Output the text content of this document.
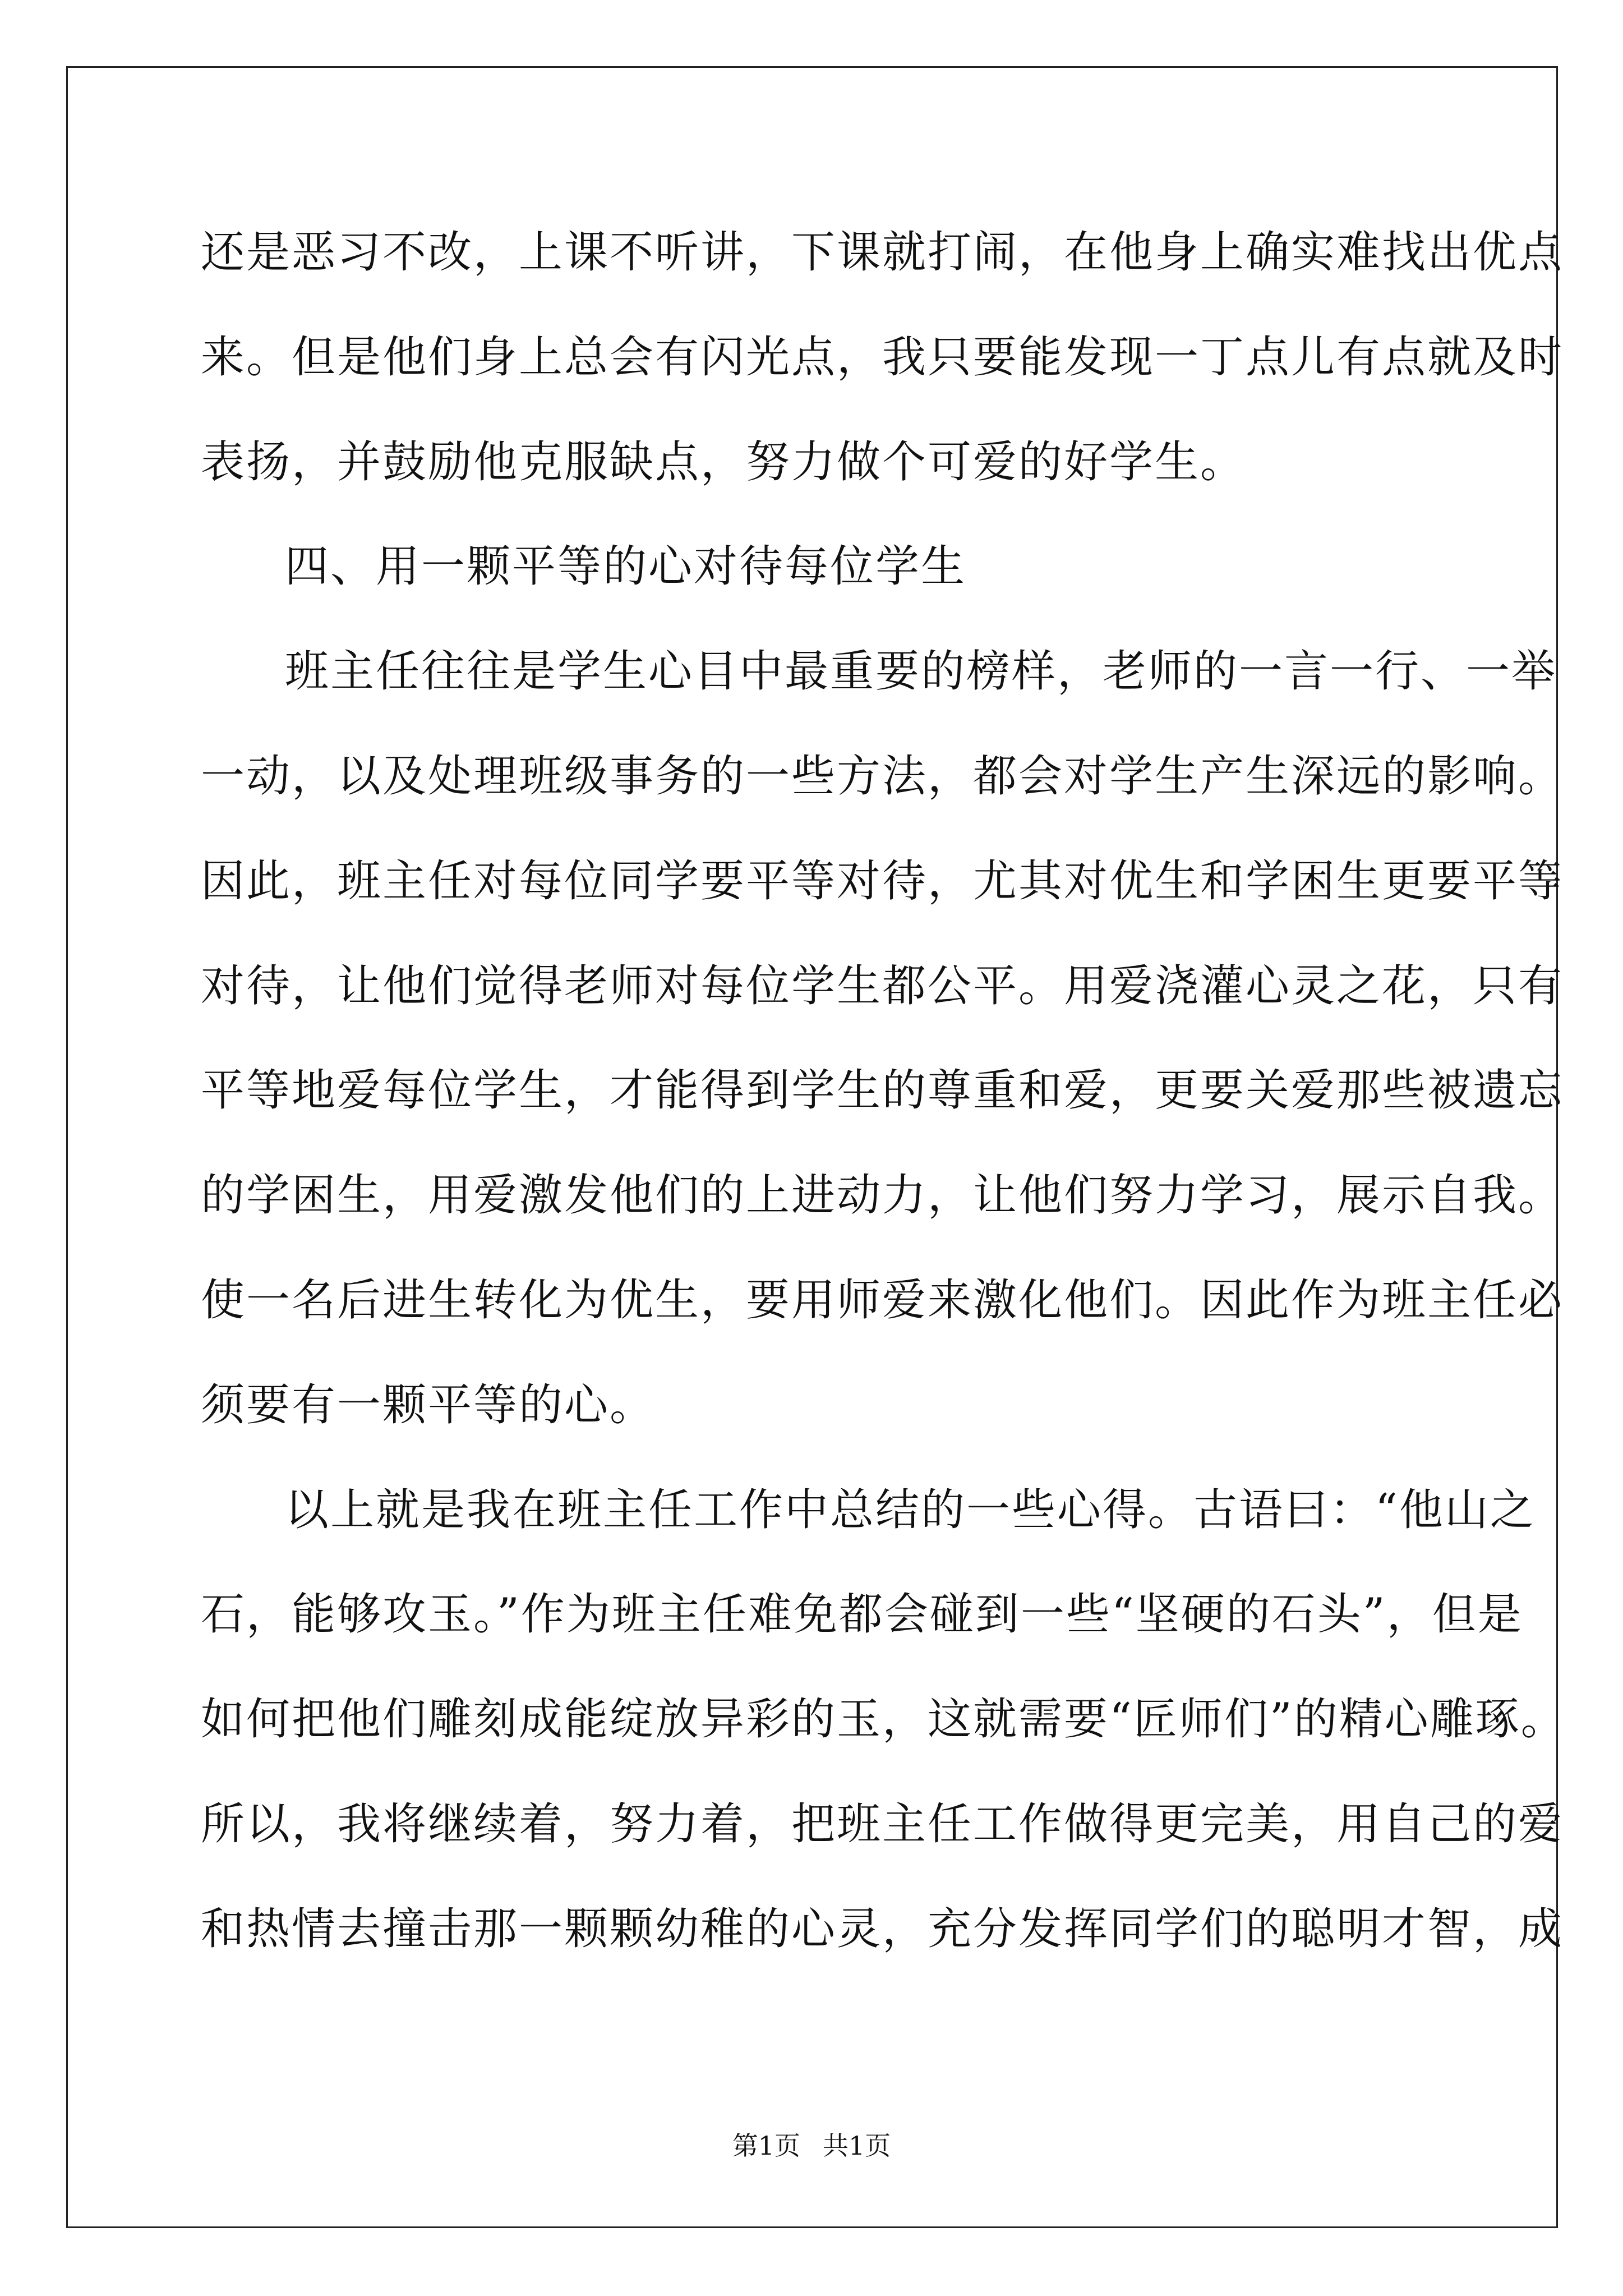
还是恶习不改，上课不听讲，下课就打闹，在他身上确实难找出优点
来。但是他们身上总会有闪光点，我只要能发现一丁点儿有点就及时
表扬，并鼓励他克服缺点，努力做个可爱的好学生。
四、用一颗平等的心对待每位学生
班主任往往是学生心目中最重要的榜样，老师的一言一行、一举
一动，以及处理班级事务的一些方法，都会对学生产生深远的影响。
因此，班主任对每位同学要平等对待，尤其对优生和学困生更要平等
对待，让他们觉得老师对每位学生都公平。用爱浇灌心灵之花，只有
平等地爱每位学生，才能得到学生的尊重和爱，更要关爱那些被遗忘
的学困生，用爱激发他们的上进动力，让他们努力学习，展示自我。
使一名后进生转化为优生，要用师爱来激化他们。因此作为班主任必
须要有一颗平等的心。
以上就是我在班主任工作中总结的一些心得。古语曰：“他山之
石，能够攻玉。”作为班主任难免都会碰到一些“坚硬的石头”，但是
如何把他们雕刻成能绽放异彩的玉，这就需要“匠师们”的精心雕琢。
所以，我将继续着，努力着，把班主任工作做得更完美，用自己的爱
和热情去撞击那一颗颗幼稚的心灵，充分发挥同学们的聪明才智，成
第1页 共1页
